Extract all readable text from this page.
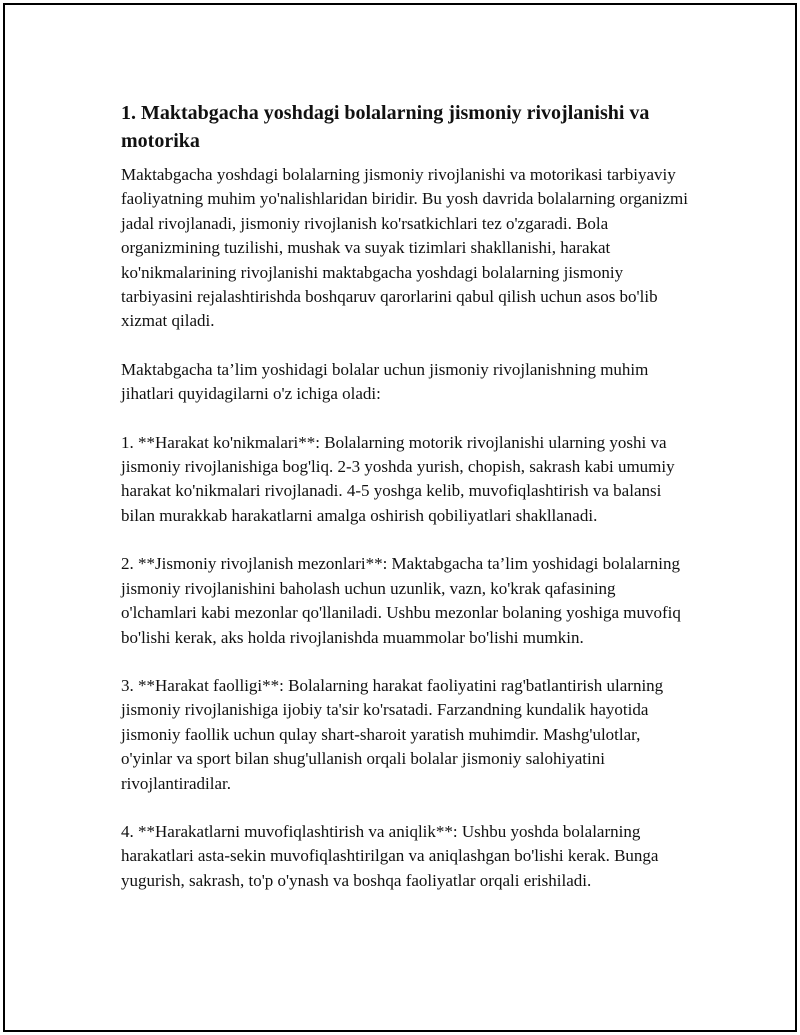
1. Maktabgacha yoshdagi bolalarning jismoniy rivojlanishi va motorika

Maktabgacha yoshdagi bolalarning jismoniy rivojlanishi va motorikasi tarbiyaviy faoliyatning muhim yo'nalishlaridan biridir. Bu yosh davrida bolalarning organizmi jadal rivojlanadi, jismoniy rivojlanish ko'rsatkichlari tez o'zgaradi. Bola organizmining tuzilishi, mushak va suyak tizimlari shakllanishi, harakat ko'nikmalarining rivojlanishi maktabgacha yoshdagi bolalarning jismoniy tarbiyasini rejalashtirishda boshqaruv qarorlarini qabul qilish uchun asos bo'lib xizmat qiladi.

Maktabgacha ta’lim yoshidagi bolalar uchun jismoniy rivojlanishning muhim jihatlari quyidagilarni o'z ichiga oladi:

1. **Harakat ko'nikmalari**: Bolalarning motorik rivojlanishi ularning yoshi va jismoniy rivojlanishiga bog'liq. 2-3 yoshda yurish, chopish, sakrash kabi umumiy harakat ko'nikmalari rivojlanadi. 4-5 yoshga kelib, muvofiqlashtirish va balansi bilan murakkab harakatlarni amalga oshirish qobiliyatlari shakllanadi.

2. **Jismoniy rivojlanish mezonlari**: Maktabgacha ta’lim yoshidagi bolalarning jismoniy rivojlanishini baholash uchun uzunlik, vazn, ko'krak qafasining o'lchamlari kabi mezonlar qo'llaniladi. Ushbu mezonlar bolaning yoshiga muvofiq bo'lishi kerak, aks holda rivojlanishda muammolar bo'lishi mumkin.

3. **Harakat faolligi**: Bolalarning harakat faoliyatini rag'batlantirish ularning jismoniy rivojlanishiga ijobiy ta'sir ko'rsatadi. Farzandning kundalik hayotida jismoniy faollik uchun qulay shart-sharoit yaratish muhimdir. Mashg'ulotlar, o'yinlar va sport bilan shug'ullanish orqali bolalar jismoniy salohiyatini rivojlantiradilar.

4. **Harakatlarni muvofiqlashtirish va aniqlik**: Ushbu yoshda bolalarning harakatlari asta-sekin muvofiqlashtirilgan va aniqlashgan bo'lishi kerak. Bunga yugurish, sakrash, to'p o'ynash va boshqa faoliyatlar orqali erishiladi.
